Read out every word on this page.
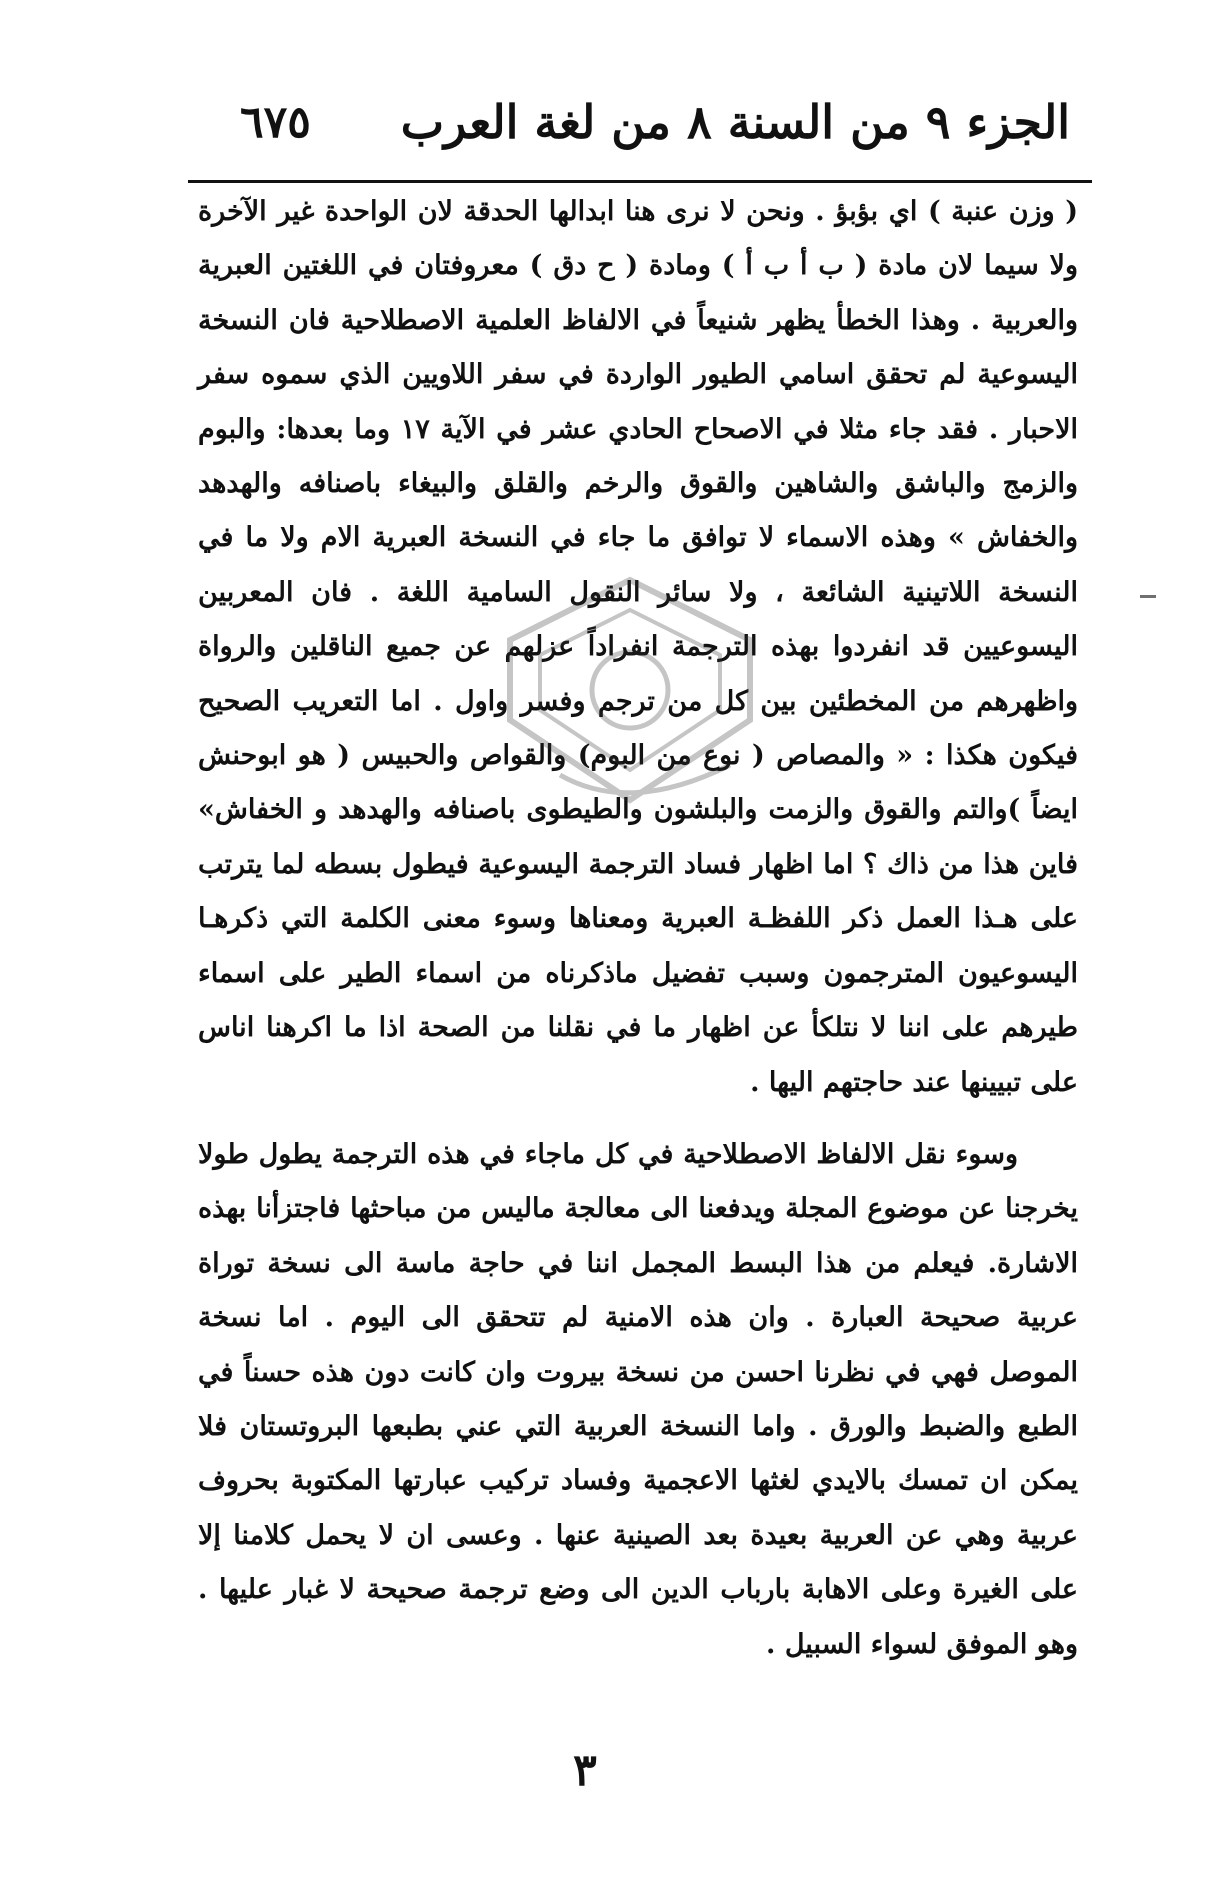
الجزء ٩ من السنة ٨ من لغة العرب
٦٧٥

( وزن عنبة ) اي بؤبؤ . ونحن لا نرى هنا ابدالها الحدقة لان الواحدة غير الآخرة ولا سيما لان مادة ( ب أ ب أ ) ومادة ( ح دق ) معروفتان في اللغتين العبرية والعربية . وهذا الخطأ يظهر شنيعاً في الالفاظ العلمية الاصطلاحية فان النسخة اليسوعية لم تحقق اسامي الطيور الواردة في سفر اللاويين الذي سموه سفر الاحبار . فقد جاء مثلا في الاصحاح الحادي عشر في الآية ١٧ وما بعدها: والبوم والزمج والباشق والشاهين والقوق والرخم والقلق والبيغاء باصنافه والهدهد والخفاش » وهذه الاسماء لا توافق ما جاء في النسخة العبرية الام ولا ما في النسخة اللاتينية الشائعة ، ولا سائر النقول السامية اللغة . فان المعربين اليسوعيين قد انفردوا بهذه الترجمة انفراداً عزلهم عن جميع الناقلين والرواة واظهرهم من المخطئين بين كل من ترجم وفسر واول . اما التعريب الصحيح فيكون هكذا : « والمصاص ( نوع من البوم) والقواص والحبيس ( هو ابوحنش ايضاً )والتم والقوق والزمت والبلشون والطيطوى باصنافه والهدهد و الخفاش» فاين هذا من ذاك ؟ اما اظهار فساد الترجمة اليسوعية فيطول بسطه لما يترتب على هـذا العمل ذكر اللفظـة العبرية ومعناها وسوء معنى الكلمة التي ذكرهـا اليسوعيون المترجمون وسبب تفضيل ماذكرناه من اسماء الطير على اسماء طيرهم على اننا لا نتلكأ عن اظهار ما في نقلنا من الصحة اذا ما اكرهنا اناس على تبيينها عند حاجتهم اليها .

وسوء نقل الالفاظ الاصطلاحية في كل ماجاء في هذه الترجمة يطول طولا يخرجنا عن موضوع المجلة ويدفعنا الى معالجة ماليس من مباحثها فاجتزأنا بهذه الاشارة. فيعلم من هذا البسط المجمل اننا في حاجة ماسة الى نسخة توراة عربية صحيحة العبارة . وان هذه الامنية لم تتحقق الى اليوم . اما نسخة الموصل فهي في نظرنا احسن من نسخة بيروت وان كانت دون هذه حسناً في الطبع والضبط والورق . واما النسخة العربية التي عني بطبعها البروتستان فلا يمكن ان تمسك بالايدي لغثها الاعجمية وفساد تركيب عبارتها المكتوبة بحروف عربية وهي عن العربية بعيدة بعد الصينية عنها . وعسى ان لا يحمل كلامنا إلا على الغيرة وعلى الاهابة بارباب الدين الى وضع ترجمة صحيحة لا غبار عليها . وهو الموفق لسواء السبيل .

٣
